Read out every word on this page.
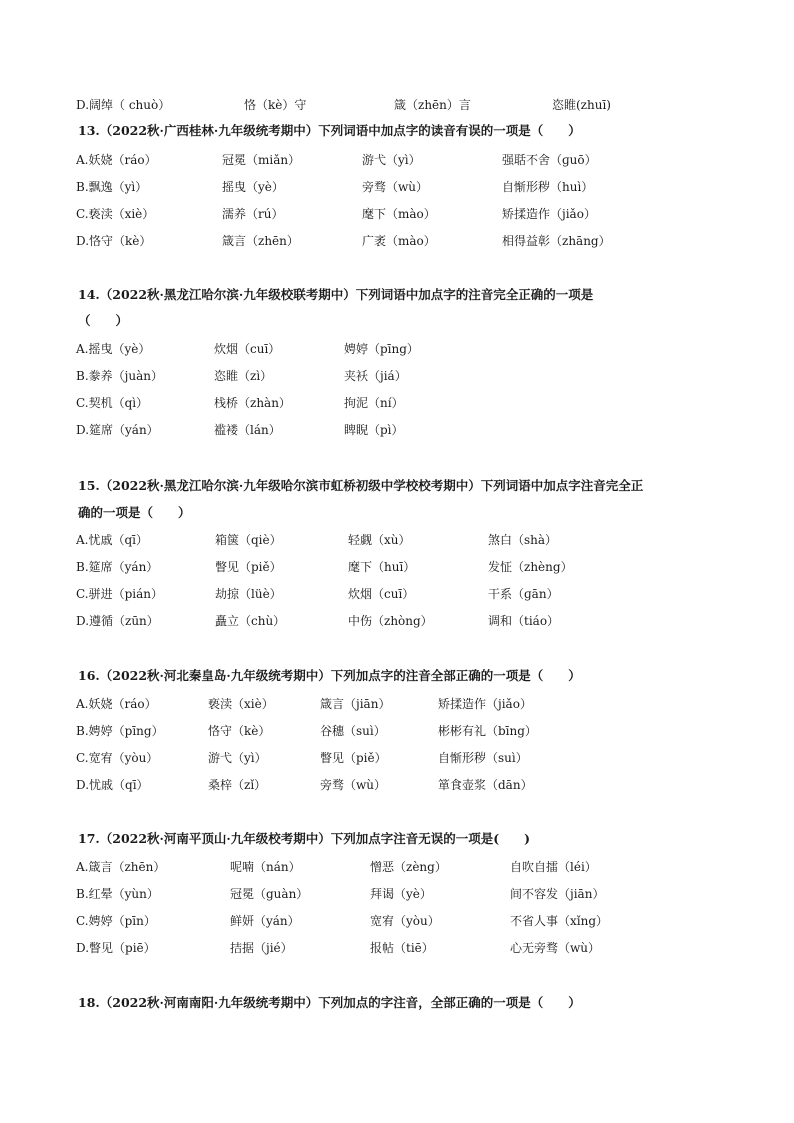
D.阔绰（ chuò）	恪（kè）守	箴（zhēn）言	恣睢(zhuī)
13.（2022秋·广西桂林·九年级统考期中）下列词语中加点字的读音有误的一项是（　　）
A.妖娆（ráo）	冠冕（miǎn）	游弋（yì）	强聒不舍（ɡuō）
B.飘逸（yì）	摇曳（yè）	旁骛（wù）	自惭形秽（huì）
C.亵渎（xiè）	濡养（rú）	麾下（mào）	矫揉造作（jiǎo）
D.恪守（kè）	箴言（zhēn）	广袤（mào）	相得益彰（zhāng）
14.（2022秋·黑龙江哈尔滨·九年级校联考期中）下列词语中加点字的注音完全正确的一项是
（　　）
A.摇曳（yè）	炊烟（cuī）	娉婷（pīng）
B.豢养（juàn）	恣睢（zì）	夹袄（jiá）
C.契机（qì）	栈桥（zhàn）	拘泥（ní）
D.筵席（yán）	褴褛（lán）	睥睨（pì）
15.（2022秋·黑龙江哈尔滨·九年级哈尔滨市虹桥初级中学校校考期中）下列词语中加点字注音完全正
确的一项是（　　）
A.忧戚（qī）	箱箧（qiè）	轻觑（xù）	煞白（shà）
B.筵席（yán）	瞥见（piě）	麾下（huī）	发怔（zhèng）
C.骈进（pián）	劫掠（lüè）	炊烟（cuī）	干系（ɡān）
D.遵循（zūn）	矗立（chù）	中伤（zhòng）	调和（tiáo）
16.（2022秋·河北秦皇岛·九年级统考期中）下列加点字的注音全部正确的一项是（　　）
A.妖娆（ráo）	亵渎（xiè）	箴言（jiān）	矫揉造作（jiǎo）
B.娉婷（pīng）	恪守（kè）	谷穗（suì）	彬彬有礼（bīng）
C.宽宥（yòu）	游弋（yì）	瞥见（piě）	自惭形秽（suì）
D.忧戚（qī）	桑梓（zǐ）	旁骛（wù）	箪食壶浆（dān）
17.（2022秋·河南平顶山·九年级校考期中）下列加点字注音无误的一项是(　　)
A.箴言（zhēn）	呢喃（nán）	憎恶（zèng）	自吹自擂（léi）
B.红晕（yùn）	冠冕（guàn）	拜谒（yè）	间不容发（jiān）
C.娉婷（pīn）	鲜妍（yán）	宽宥（yòu）	不省人事（xǐng）
D.瞥见（piē）	拮据（jié）	报帖（tiē）	心无旁骛（wù）
18.（2022秋·河南南阳·九年级统考期中）下列加点的字注音，全部正确的一项是（　　）
